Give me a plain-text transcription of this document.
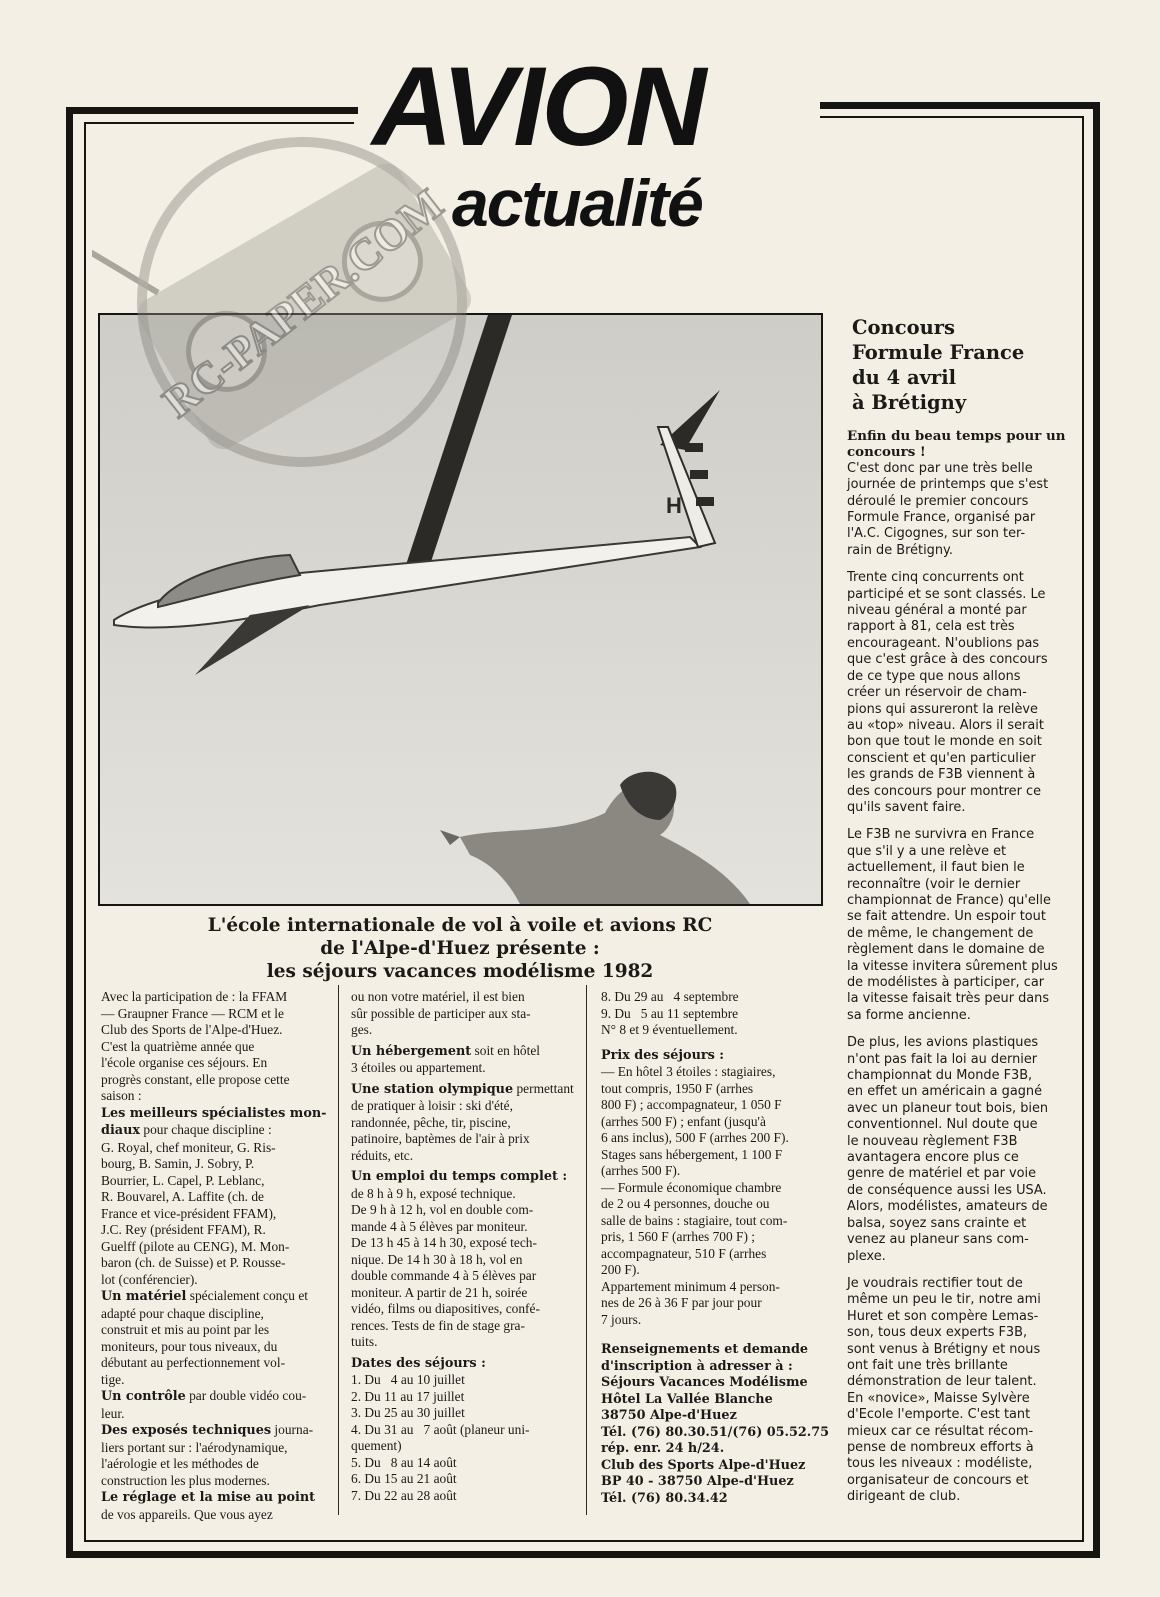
AVION
actualité
H
RC-PAPER.COM
L'école internationale de vol à voile et avions RC
de l'Alpe-d'Huez présente :
les séjours vacances modélisme 1982
Avec la participation de : la FFAM
— Graupner France — RCM et le
Club des Sports de l'Alpe-d'Huez.
C'est la quatrième année que
l'école organise ces séjours. En
progrès constant, elle propose cette
saison :
Les meilleurs spécialistes mon-
diaux pour chaque discipline :
G. Royal, chef moniteur, G. Ris-
bourg, B. Samin, J. Sobry, P.
Bourrier, L. Capel, P. Leblanc,
R. Bouvarel, A. Laffite (ch. de
France et vice-président FFAM),
J.C. Rey (président FFAM), R.
Guelff (pilote au CENG), M. Mon-
baron (ch. de Suisse) et P. Rousse-
lot (conférencier).
Un matériel spécialement conçu et
adapté pour chaque discipline,
construit et mis au point par les
moniteurs, pour tous niveaux, du
débutant au perfectionnement vol-
tige.
Un contrôle par double vidéo cou-
leur.
Des exposés techniques journa-
liers portant sur : l'aérodynamique,
l'aérologie et les méthodes de
construction les plus modernes.
Le réglage et la mise au point
de vos appareils. Que vous ayez
ou non votre matériel, il est bien
sûr possible de participer aux sta-
ges.
Un hébergement soit en hôtel
3 étoiles ou appartement.
Une station olympique permettant
de pratiquer à loisir : ski d'été,
randonnée, pêche, tir, piscine,
patinoire, baptèmes de l'air à prix
réduits, etc.
Un emploi du temps complet :
de 8 h à 9 h, exposé technique.
De 9 h à 12 h, vol en double com-
mande 4 à 5 élèves par moniteur.
De 13 h 45 à 14 h 30, exposé tech-
nique. De 14 h 30 à 18 h, vol en
double commande 4 à 5 élèves par
moniteur. A partir de 21 h, soirée
vidéo, films ou diapositives, confé-
rences. Tests de fin de stage gra-
tuits.
Dates des séjours :
1. Du   4 au 10 juillet
2. Du 11 au 17 juillet
3. Du 25 au 30 juillet
4. Du 31 au   7 août (planeur uni-
quement)
5. Du   8 au 14 août
6. Du 15 au 21 août
7. Du 22 au 28 août
8. Du 29 au   4 septembre
9. Du   5 au 11 septembre
N° 8 et 9 éventuellement.
Prix des séjours :
— En hôtel 3 étoiles : stagiaires,
tout compris, 1950 F (arrhes
800 F) ; accompagnateur, 1 050 F
(arrhes 500 F) ; enfant (jusqu'à
6 ans inclus), 500 F (arrhes 200 F).
Stages sans hébergement, 1 100 F
(arrhes 500 F).
— Formule économique chambre
de 2 ou 4 personnes, douche ou
salle de bains : stagiaire, tout com-
pris, 1 560 F (arrhes 700 F) ;
accompagnateur, 510 F (arrhes
200 F).
Appartement minimum 4 person-
nes de 26 à 36 F par jour pour
7 jours.
Renseignements et demande
d'inscription à adresser à :
Séjours Vacances Modélisme
Hôtel La Vallée Blanche
38750 Alpe-d'Huez
Tél. (76) 80.30.51/(76) 05.52.75
rép. enr. 24 h/24.
Club des Sports Alpe-d'Huez
BP 40 - 38750 Alpe-d'Huez
Tél. (76) 80.34.42
Concours
Formule France
du 4 avril
à Brétigny

Enfin du beau temps pour un
concours !
C'est donc par une très belle
journée de printemps que s'est
déroulé le premier concours
Formule France, organisé par
l'A.C. Cigognes, sur son ter-
rain de Brétigny.

Trente cinq concurrents ont
participé et se sont classés. Le
niveau général a monté par
rapport à 81, cela est très
encourageant. N'oublions pas
que c'est grâce à des concours
de ce type que nous allons
créer un réservoir de cham-
pions qui assureront la relève
au «top» niveau. Alors il serait
bon que tout le monde en soit
conscient et qu'en particulier
les grands de F3B viennent à
des concours pour montrer ce
qu'ils savent faire.

Le F3B ne survivra en France
que s'il y a une relève et
actuellement, il faut bien le
reconnaître (voir le dernier
championnat de France) qu'elle
se fait attendre. Un espoir tout
de même, le changement de
règlement dans le domaine de
la vitesse invitera sûrement plus
de modélistes à participer, car
la vitesse faisait très peur dans
sa forme ancienne.

De plus, les avions plastiques
n'ont pas fait la loi au dernier
championnat du Monde F3B,
en effet un américain a gagné
avec un planeur tout bois, bien
conventionnel. Nul doute que
le nouveau règlement F3B
avantagera encore plus ce
genre de matériel et par voie
de conséquence aussi les USA.
Alors, modélistes, amateurs de
balsa, soyez sans crainte et
venez au planeur sans com-
plexe.

Je voudrais rectifier tout de
même un peu le tir, notre ami
Huret et son compère Lemas-
son, tous deux experts F3B,
sont venus à Brétigny et nous
ont fait une très brillante
démonstration de leur talent.
En «novice», Maisse Sylvère
d'Ecole l'emporte. C'est tant
mieux car ce résultat récom-
pense de nombreux efforts à
tous les niveaux : modéliste,
organisateur de concours et
dirigeant de club.
